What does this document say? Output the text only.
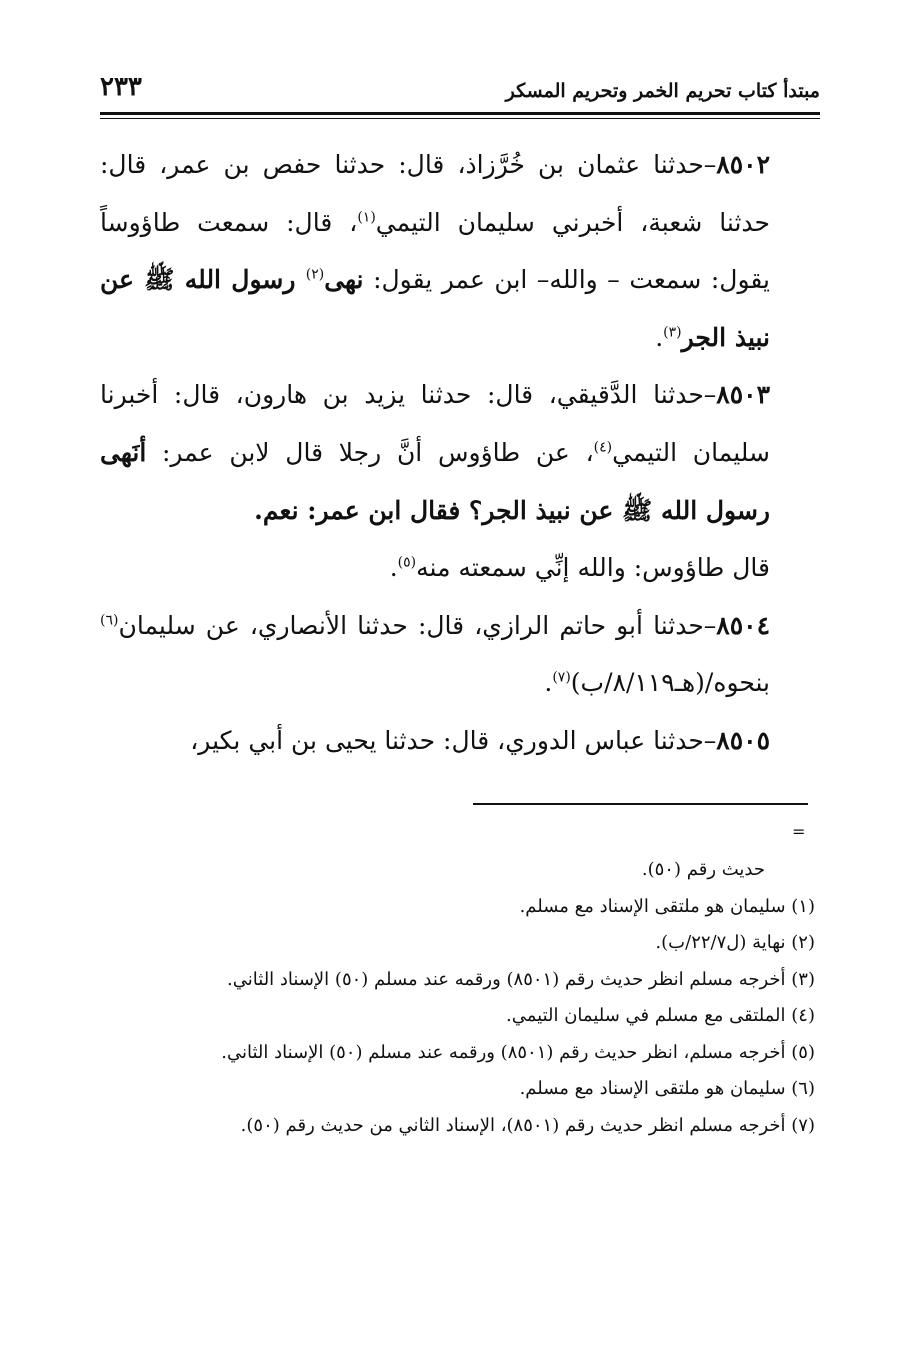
٢٣٣	مبتدأ كتاب تحريم الخمر وتحريم المسكر

٨٥٠٢–حدثنا عثمان بن خُرَّزاذ، قال: حدثنا حفص بن عمر، قال: حدثنا شعبة، أخبرني سليمان التيمي$^{(١)}$، قال: سمعت طاؤوساً يقول: سمعت – والله– ابن عمر يقول: نهى$^{(٢)}$ رسول الله ﷺ عن نبيذ الجر$^{(٣)}$.

٨٥٠٣–حدثنا الدَّقيقي، قال: حدثنا يزيد بن هارون، قال: أخبرنا سليمان التيمي$^{(٤)}$، عن طاؤوس أنَّ رجلا قال لابن عمر: أنَهى رسول الله ﷺ عن نبيذ الجر؟ فقال ابن عمر: نعم.

قال طاؤوس: والله إنِّي سمعته منه$^{(٥)}$.

٨٥٠٤–حدثنا أبو حاتم الرازي، قال: حدثنا الأنصاري، عن سليمان$^{(٦)}$ بنحوه/(هـ٨/١١٩/ب)$^{(٧)}$.

٨٥٠٥–حدثنا عباس الدوري، قال: حدثنا يحيى بن أبي بكير،

=

حديث رقم (٥٠).

(١) سليمان هو ملتقى الإسناد مع مسلم.

(٢) نهاية (ل٢٢/٧/ب).

(٣) أخرجه مسلم انظر حديث رقم (٨٥٠١) ورقمه عند مسلم (٥٠) الإسناد الثاني.

(٤) الملتقى مع مسلم في سليمان التيمي.

(٥) أخرجه مسلم، انظر حديث رقم (٨٥٠١) ورقمه عند مسلم (٥٠) الإسناد الثاني.

(٦) سليمان هو ملتقى الإسناد مع مسلم.

(٧) أخرجه مسلم انظر حديث رقم (٨٥٠١)، الإسناد الثاني من حديث رقم (٥٠).
